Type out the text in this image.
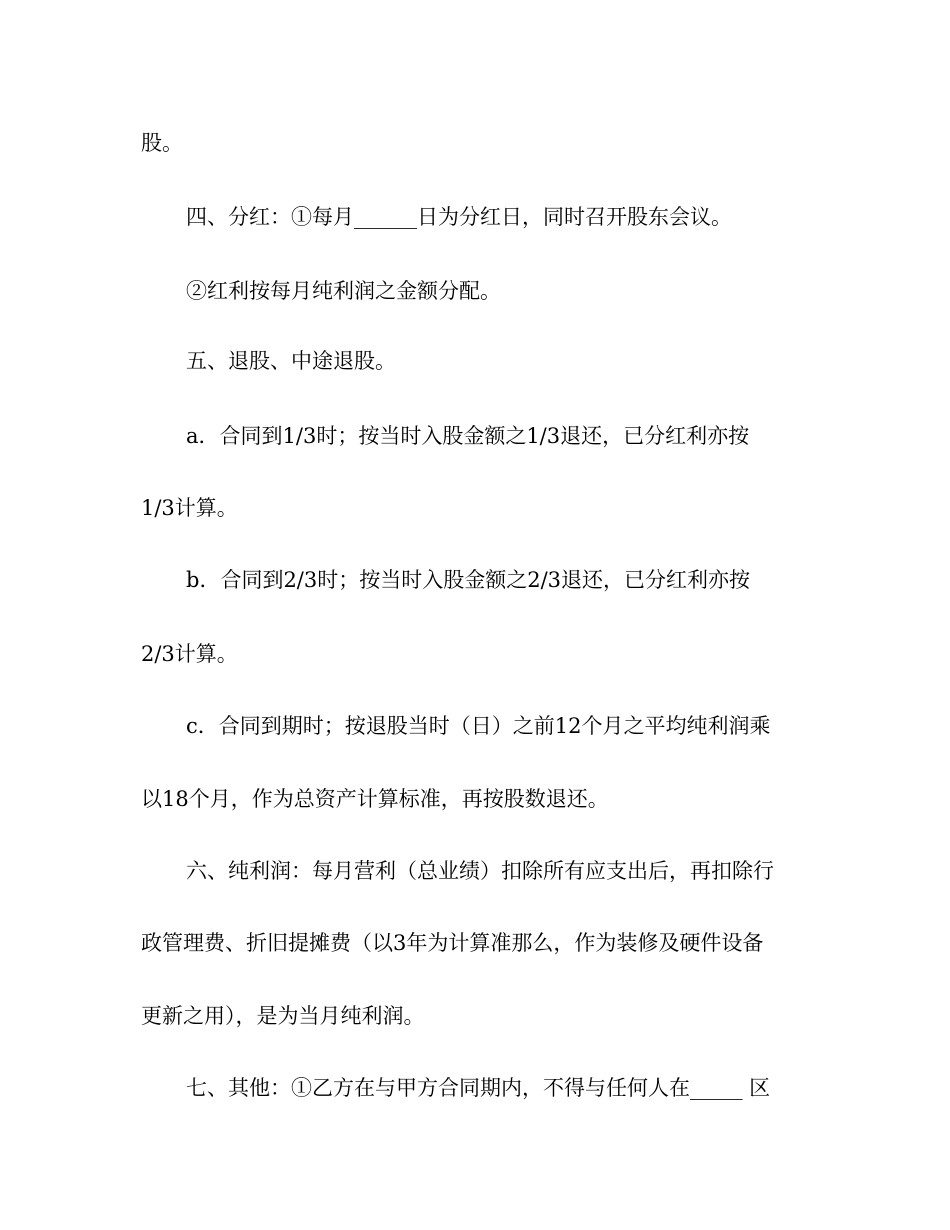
股。

四、分红：①每月______日为分红日，同时召开股东会议。

②红利按每月纯利润之金额分配。

五、退股、中途退股。

a．合同到1/3时；按当时入股金额之1/3退还，已分红利亦按

1/3计算。

b．合同到2/3时；按当时入股金额之2/3退还，已分红利亦按

2/3计算。

c．合同到期时；按退股当时（日）之前12个月之平均纯利润乘

以18个月，作为总资产计算标准，再按股数退还。

六、纯利润：每月营利（总业绩）扣除所有应支出后，再扣除行

政管理费、折旧提摊费（以3年为计算准那么，作为装修及硬件设备

更新之用），是为当月纯利润。

七、其他：①乙方在与甲方合同期内，不得与任何人在_____ 区
